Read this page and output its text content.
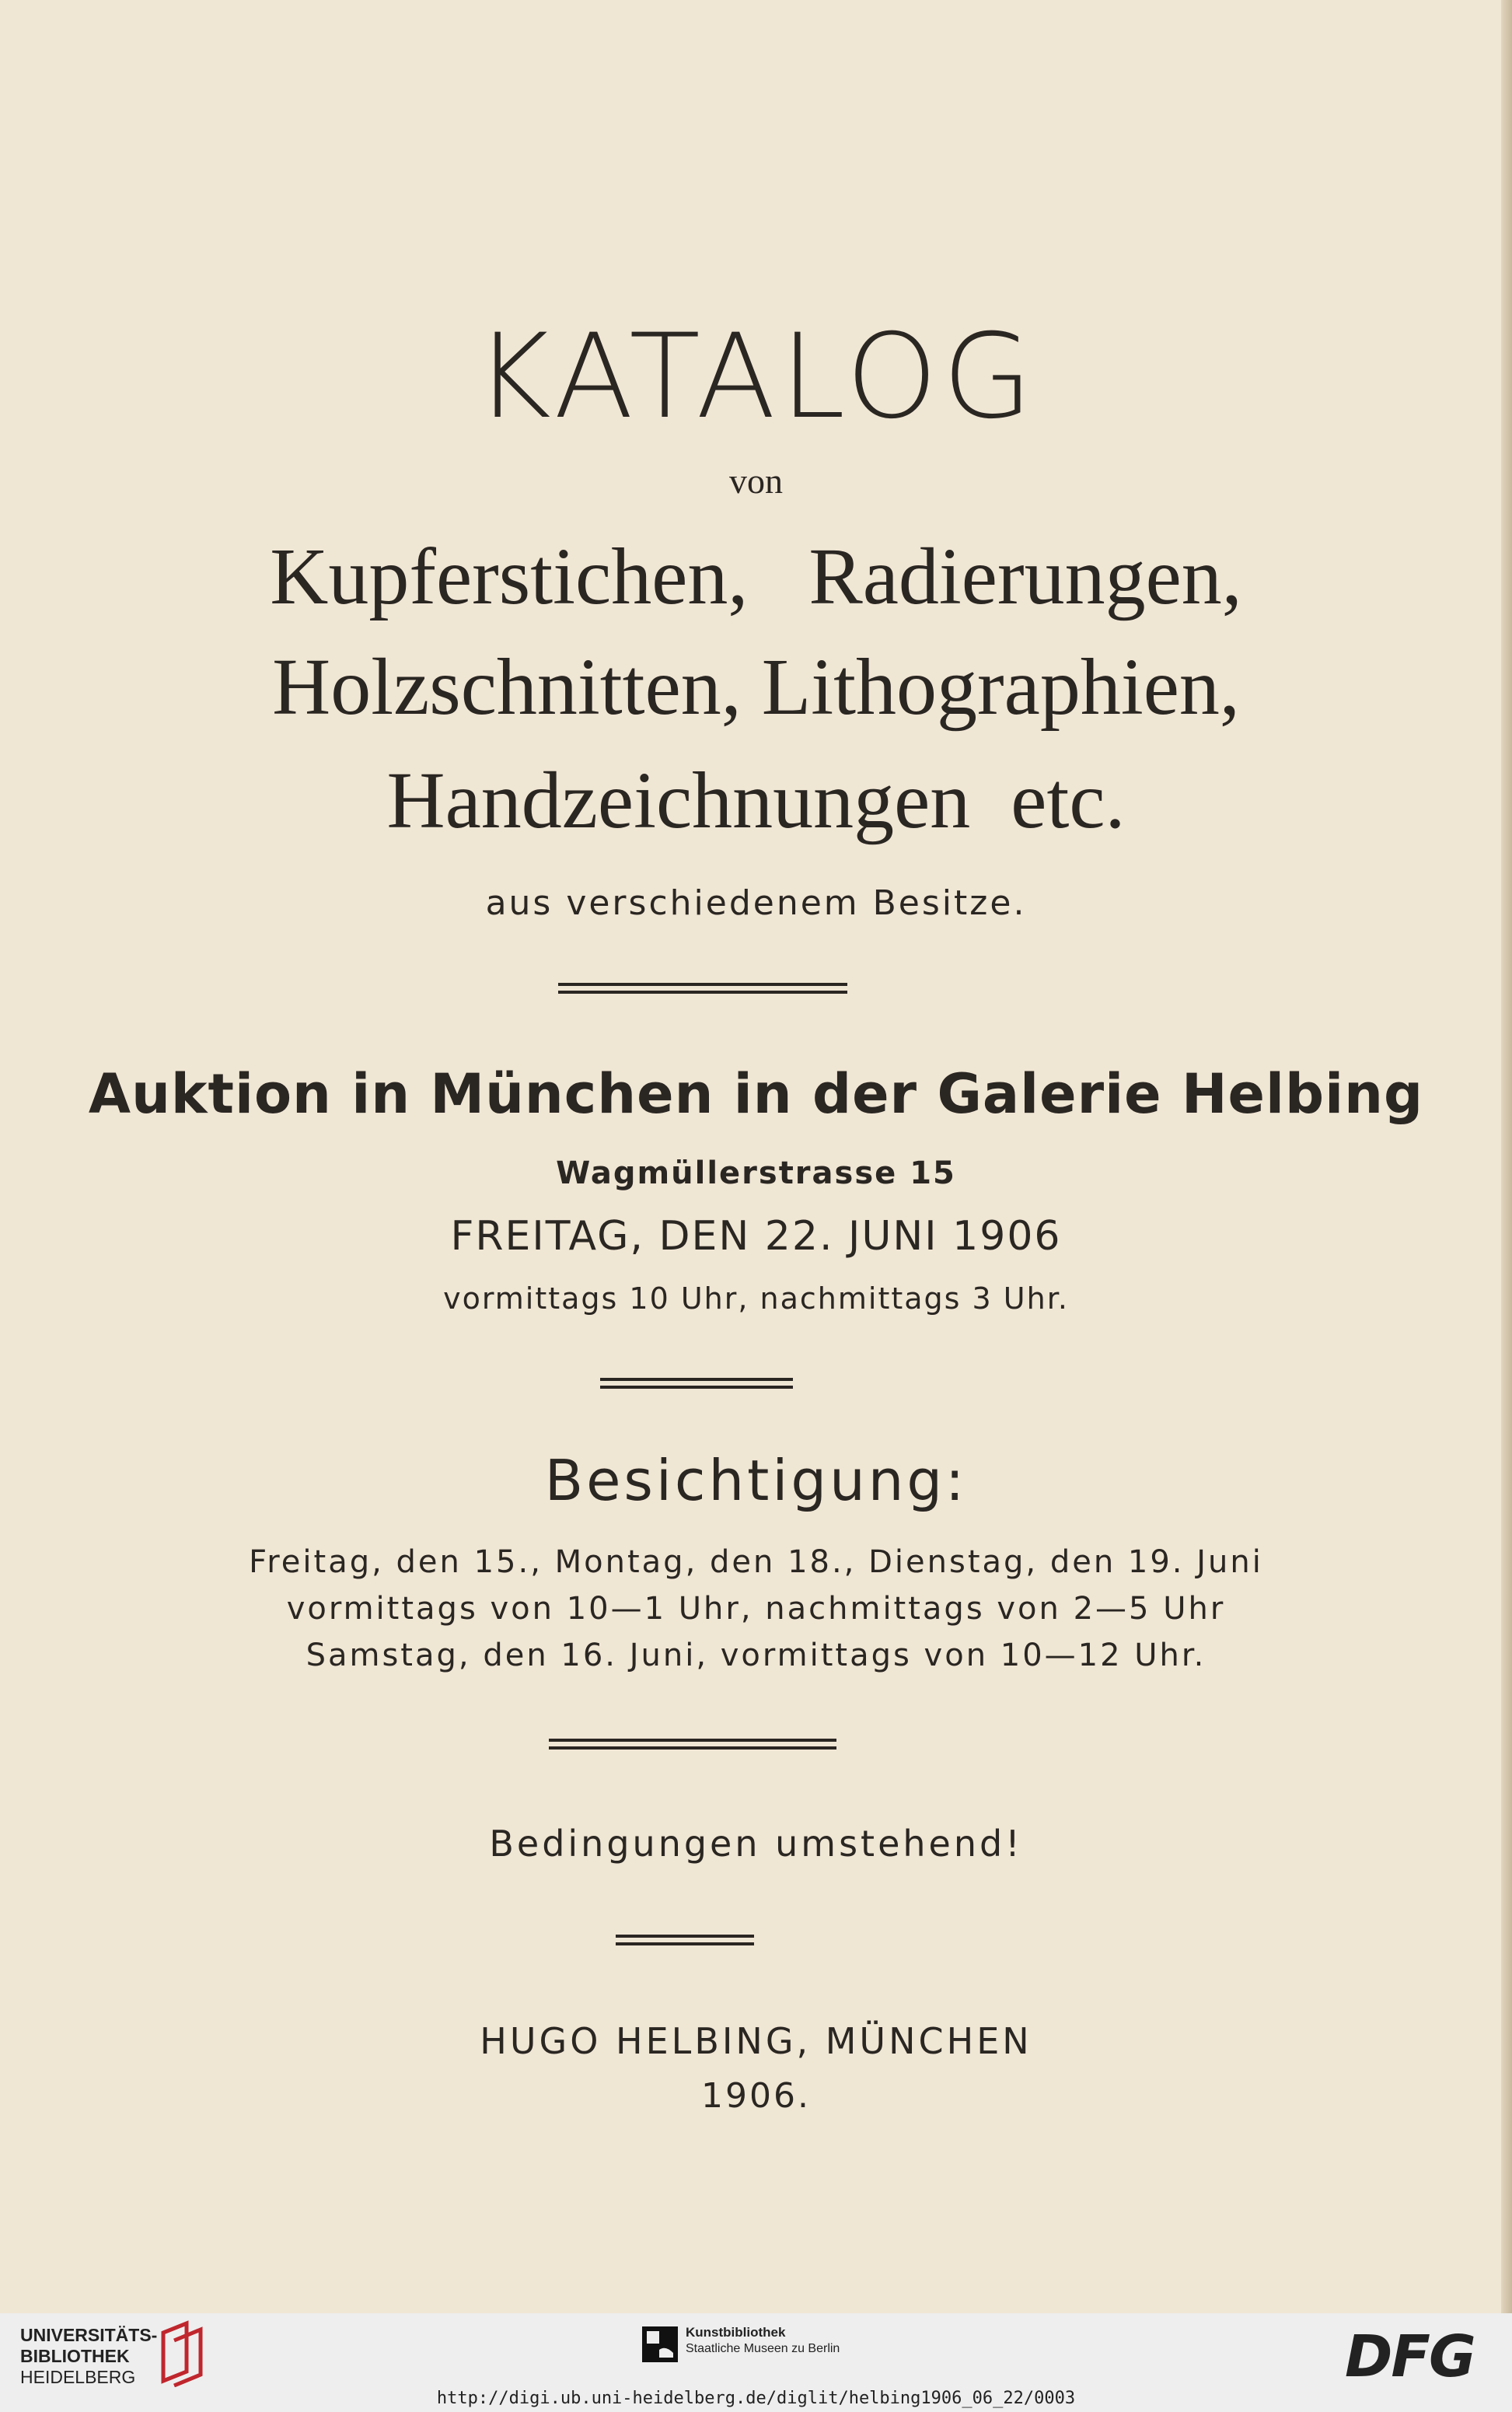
KATALOG
von
Kupferstichen,   Radierungen,
Holzschnitten, Lithographien,
Handzeichnungen  etc.
aus verschiedenem Besitze.
Auktion in München in der Galerie Helbing
Wagmüllerstrasse 15
FREITAG, DEN 22. JUNI 1906
vormittags 10 Uhr, nachmittags 3 Uhr.
Besichtigung:
Freitag, den 15., Montag, den 18., Dienstag, den 19. Juni
vormittags von 10—1 Uhr, nachmittags von 2—5 Uhr
Samstag, den 16. Juni, vormittags von 10—12 Uhr.
Bedingungen umstehend!
HUGO HELBING, MÜNCHEN
1906.
UNIVERSITÄTS-
BIBLIOTHEK
HEIDELBERG
Kunstbibliothek
Staatliche Museen zu Berlin	DFG
http://digi.ub.uni-heidelberg.de/diglit/helbing1906_06_22/0003
